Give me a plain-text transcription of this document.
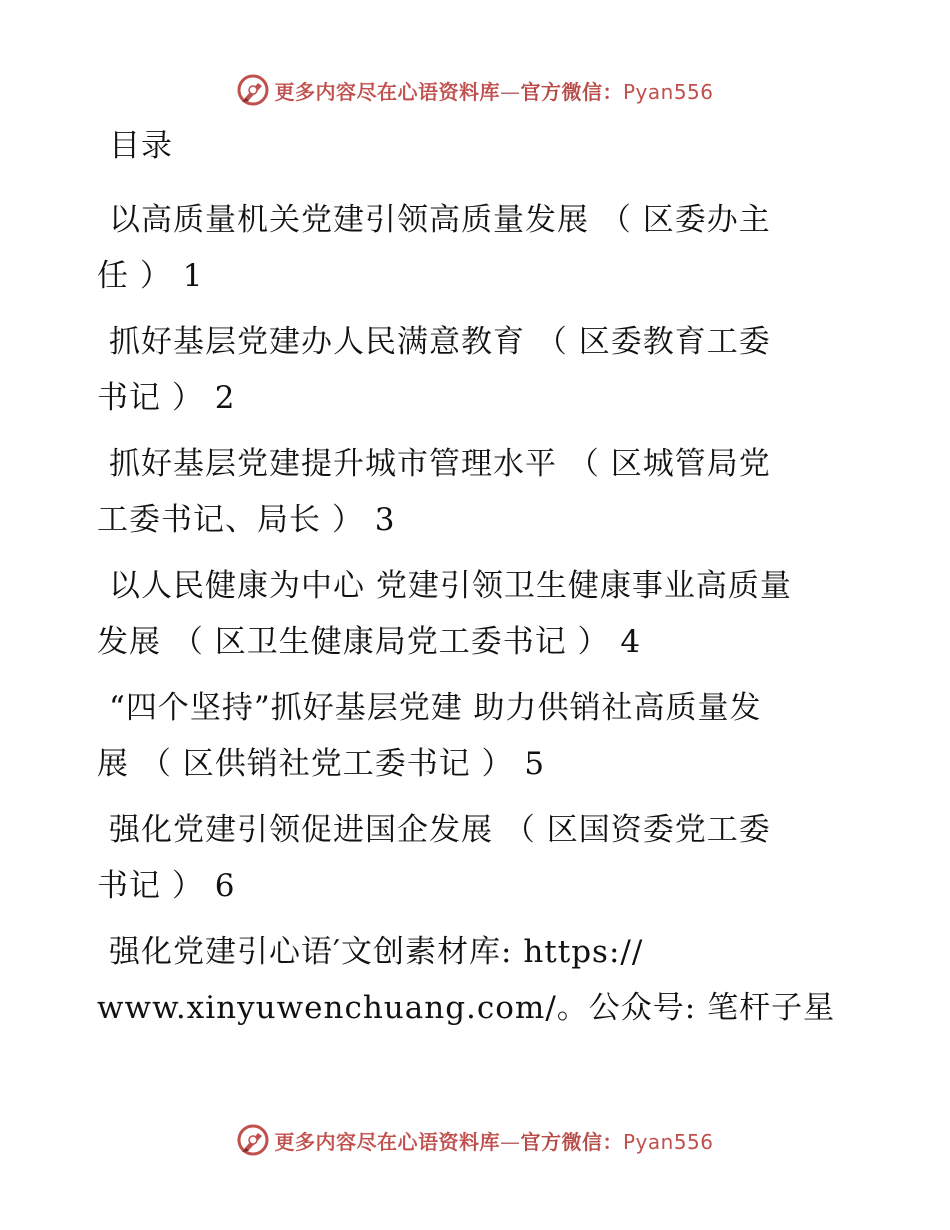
更多内容尽在心语资料库—官方微信：Pyan556
目录
以高质量机关党建引领高质量发展 （ 区委办主
任 ） 1
抓好基层党建办人民满意教育 （ 区委教育工委
书记 ） 2
抓好基层党建提升城市管理水平 （ 区城管局党
工委书记、局长 ） 3
以人民健康为中心 党建引领卫生健康事业高质量
发展 （ 区卫生健康局党工委书记 ） 4
“四个坚持”抓好基层党建 助力供销社高质量发
展 （ 区供销社党工委书记 ） 5
强化党建引领促进国企发展 （ 区国资委党工委
书记 ） 6
强化党建引心语′文创素材库: https://
www.xinyuwenchuang.com/。公众号: 笔杆子星
更多内容尽在心语资料库—官方微信：Pyan556
